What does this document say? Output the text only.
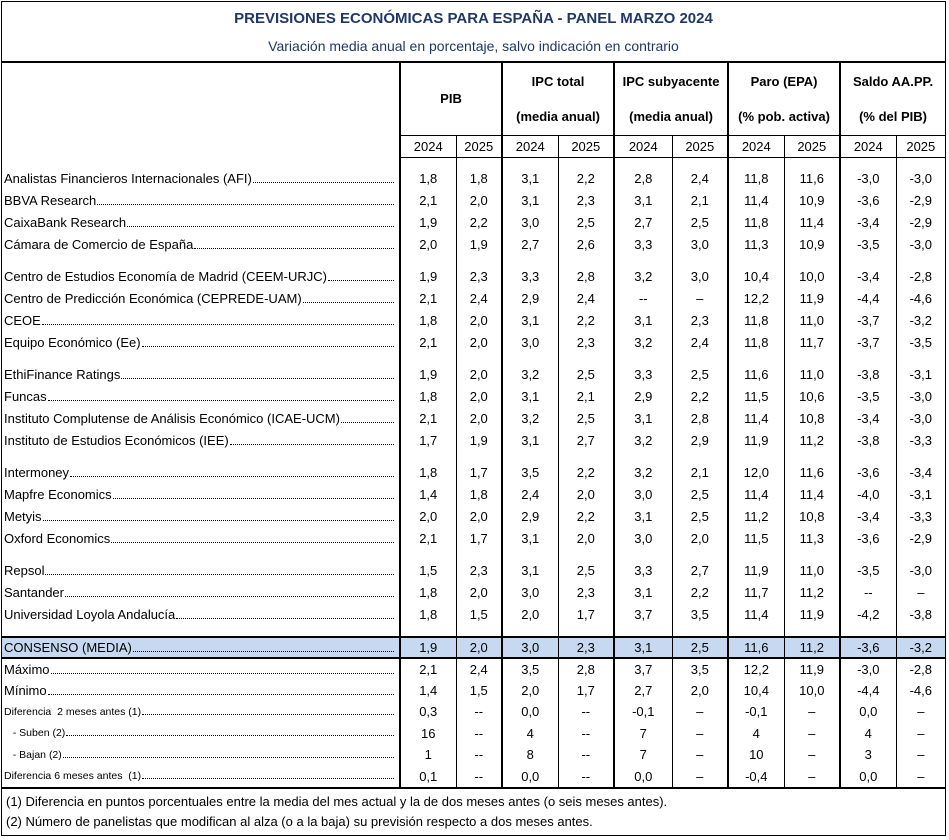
PREVISIONES ECONÓMICAS PARA ESPAÑA - PANEL MARZO 2024
Variación media anual en porcentaje, salvo indicación en contrario
	PIB		IPC total		IPC subyacente		Paro (EPA)		Saldo AA.PP.	
			(media anual)		(media anual)		(% pob. activa)		(% del PIB)	
	2024	2025	2024	2025	2024	2025	2024	2025	2024	2025

Analistas Financieros Internacionales (AFI)	1,8	1,8	3,1	2,2	2,8	2,4	11,8	11,6	-3,0	-3,0

BBVA Research	2,1	2,0	3,1	2,3	3,1	2,1	11,4	10,9	-3,6	-2,9

CaixaBank Research	1,9	2,2	3,0	2,5	2,7	2,5	11,8	11,4	-3,4	-2,9

Cámara de Comercio de España	2,0	1,9	2,7	2,6	3,3	3,0	11,3	10,9	-3,5	-3,0

Centro de Estudios Economía de Madrid (CEEM-URJC)	1,9	2,3	3,3	2,8	3,2	3,0	10,4	10,0	-3,4	-2,8

Centro de Predicción Económica (CEPREDE-UAM)	2,1	2,4	2,9	2,4	--	–	12,2	11,9	-4,4	-4,6

CEOE	1,8	2,0	3,1	2,2	3,1	2,3	11,8	11,0	-3,7	-3,2

Equipo Económico (Ee)	2,1	2,0	3,0	2,3	3,2	2,4	11,8	11,7	-3,7	-3,5

EthiFinance Ratings	1,9	2,0	3,2	2,5	3,3	2,5	11,6	11,0	-3,8	-3,1

Funcas	1,8	2,0	3,1	2,1	2,9	2,2	11,5	10,6	-3,5	-3,0

Instituto Complutense de Análisis Económico (ICAE-UCM)	2,1	2,0	3,2	2,5	3,1	2,8	11,4	10,8	-3,4	-3,0

Instituto de Estudios Económicos (IEE)	1,7	1,9	3,1	2,7	3,2	2,9	11,9	11,2	-3,8	-3,3

Intermoney	1,8	1,7	3,5	2,2	3,2	2,1	12,0	11,6	-3,6	-3,4

Mapfre Economics	1,4	1,8	2,4	2,0	3,0	2,5	11,4	11,4	-4,0	-3,1

Metyis	2,0	2,0	2,9	2,2	3,1	2,5	11,2	10,8	-3,4	-3,3

Oxford Economics	2,1	1,7	3,1	2,0	3,0	2,0	11,5	11,3	-3,6	-2,9

Repsol	1,5	2,3	3,1	2,5	3,3	2,7	11,9	11,0	-3,5	-3,0

Santander	1,8	2,0	3,0	2,3	3,1	2,2	11,7	11,2	--	–

Universidad Loyola Andalucía	1,8	1,5	2,0	1,7	3,7	3,5	11,4	11,9	-4,2	-3,8

CONSENSO (MEDIA)	1,9	2,0	3,0	2,3	3,1	2,5	11,6	11,2	-3,6	-3,2

Máximo	2,1	2,4	3,5	2,8	3,7	3,5	12,2	11,9	-3,0	-2,8

Mínimo	1,4	1,5	2,0	1,7	2,7	2,0	10,4	10,0	-4,4	-4,6

Diferencia  2 meses antes (1)	0,3	--	0,0	--	-0,1	–	-0,1	–	0,0	–

- Suben (2)	16	--	4	--	7	–	4	–	4	–

- Bajan (2)	1	--	8	--	7	–	10	–	3	–

Diferencia 6 meses antes  (1)	0,1	--	0,0	--	0,0	–	-0,4	–	0,0	–
(1) Diferencia en puntos porcentuales entre la media del mes actual y la de dos meses antes (o seis meses antes).
(2) Número de panelistas que modifican al alza (o a la baja) su previsión respecto a dos meses antes.
